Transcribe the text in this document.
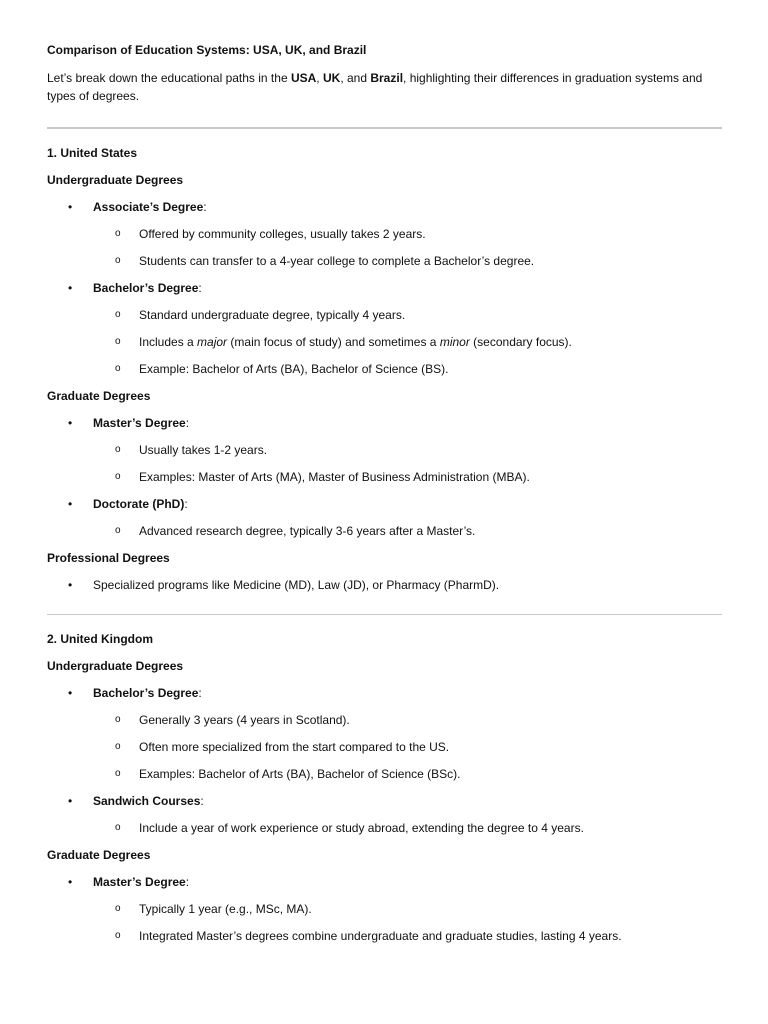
Comparison of Education Systems: USA, UK, and Brazil
Let’s break down the educational paths in the USA, UK, and Brazil, highlighting their differences in graduation systems and types of degrees.
1. United States
Undergraduate Degrees
• Associate’s Degree:
o Offered by community colleges, usually takes 2 years.
o Students can transfer to a 4-year college to complete a Bachelor’s degree.
• Bachelor’s Degree:
o Standard undergraduate degree, typically 4 years.
o Includes a major (main focus of study) and sometimes a minor (secondary focus).
o Example: Bachelor of Arts (BA), Bachelor of Science (BS).
Graduate Degrees
• Master’s Degree:
o Usually takes 1-2 years.
o Examples: Master of Arts (MA), Master of Business Administration (MBA).
• Doctorate (PhD):
o Advanced research degree, typically 3-6 years after a Master’s.
Professional Degrees
• Specialized programs like Medicine (MD), Law (JD), or Pharmacy (PharmD).
2. United Kingdom
Undergraduate Degrees
• Bachelor’s Degree:
o Generally 3 years (4 years in Scotland).
o Often more specialized from the start compared to the US.
o Examples: Bachelor of Arts (BA), Bachelor of Science (BSc).
• Sandwich Courses:
o Include a year of work experience or study abroad, extending the degree to 4 years.
Graduate Degrees
• Master’s Degree:
o Typically 1 year (e.g., MSc, MA).
o Integrated Master’s degrees combine undergraduate and graduate studies, lasting 4 years.
